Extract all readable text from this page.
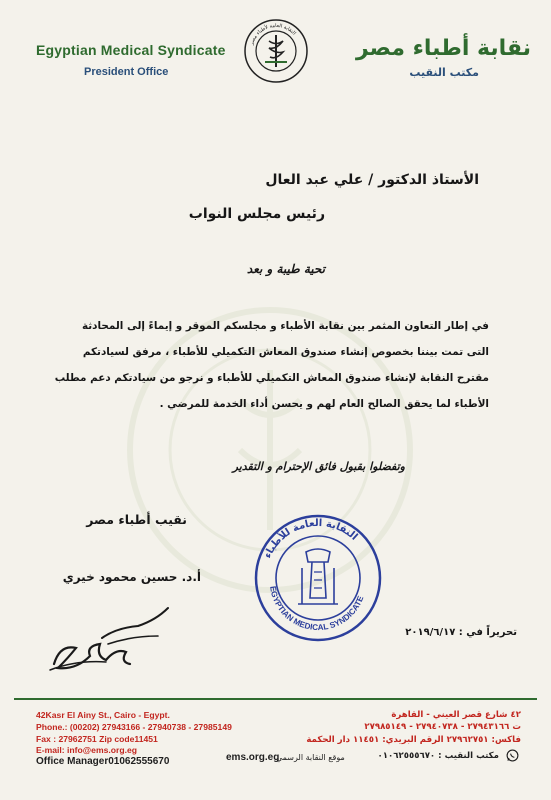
Egyptian Medical Syndicate
President Office
النقابة العامة لأطباء مصر
نقابة أطباء مصر
مكتب النقيب
الأستاذ الدكتور / علي عبد العال
رئيس مجلس النواب
تحية طيبة و بعد
في إطار التعاون المثمر بين نقابة الأطباء و مجلسكم الموقر و إيماءً إلى المحادثة
التى تمت بيننا بخصوص إنشاء صندوق المعاش التكميلي للأطباء ، مرفق لسيادتكم
مقترح النقابة لإنشاء صندوق المعاش التكميلي للأطباء و نرجو من سيادتكم دعم مطلب
الأطباء لما يحقق الصالح العام لهم و يحسن أداء الخدمة للمرضي .
وتفضلوا بقبول فائق الإحترام و التقدير
نقيب أطباء مصر
النقابة العامة للأطباء
EGYPTIAN MEDICAL SYNDICATE
أ.د. حسين محمود خيري
تحريراً في : ٢٠١٩/٦/١٧
42Kasr El Ainy St., Cairo - Egypt.
Phone.: (00202) 27943166 - 27940738 - 27985149
Fax : 27962751 Zip code11451
E-mail: info@ems.org.eg
Office Manager01062555670	ems.org.eg
موقع النقابة الرسمي
٤٢ شارع قصر العيني - القاهرة
ت ٢٧٩٤٣١٦٦ - ٢٧٩٤٠٧٣٨ - ٢٧٩٨٥١٤٩
فاكس: ٢٧٩٦٢٧٥١ الرقم البريدي: ١١٤٥١ دار الحكمة
مكتب النقيب : ٠١٠٦٢٥٥٥٦٧٠
